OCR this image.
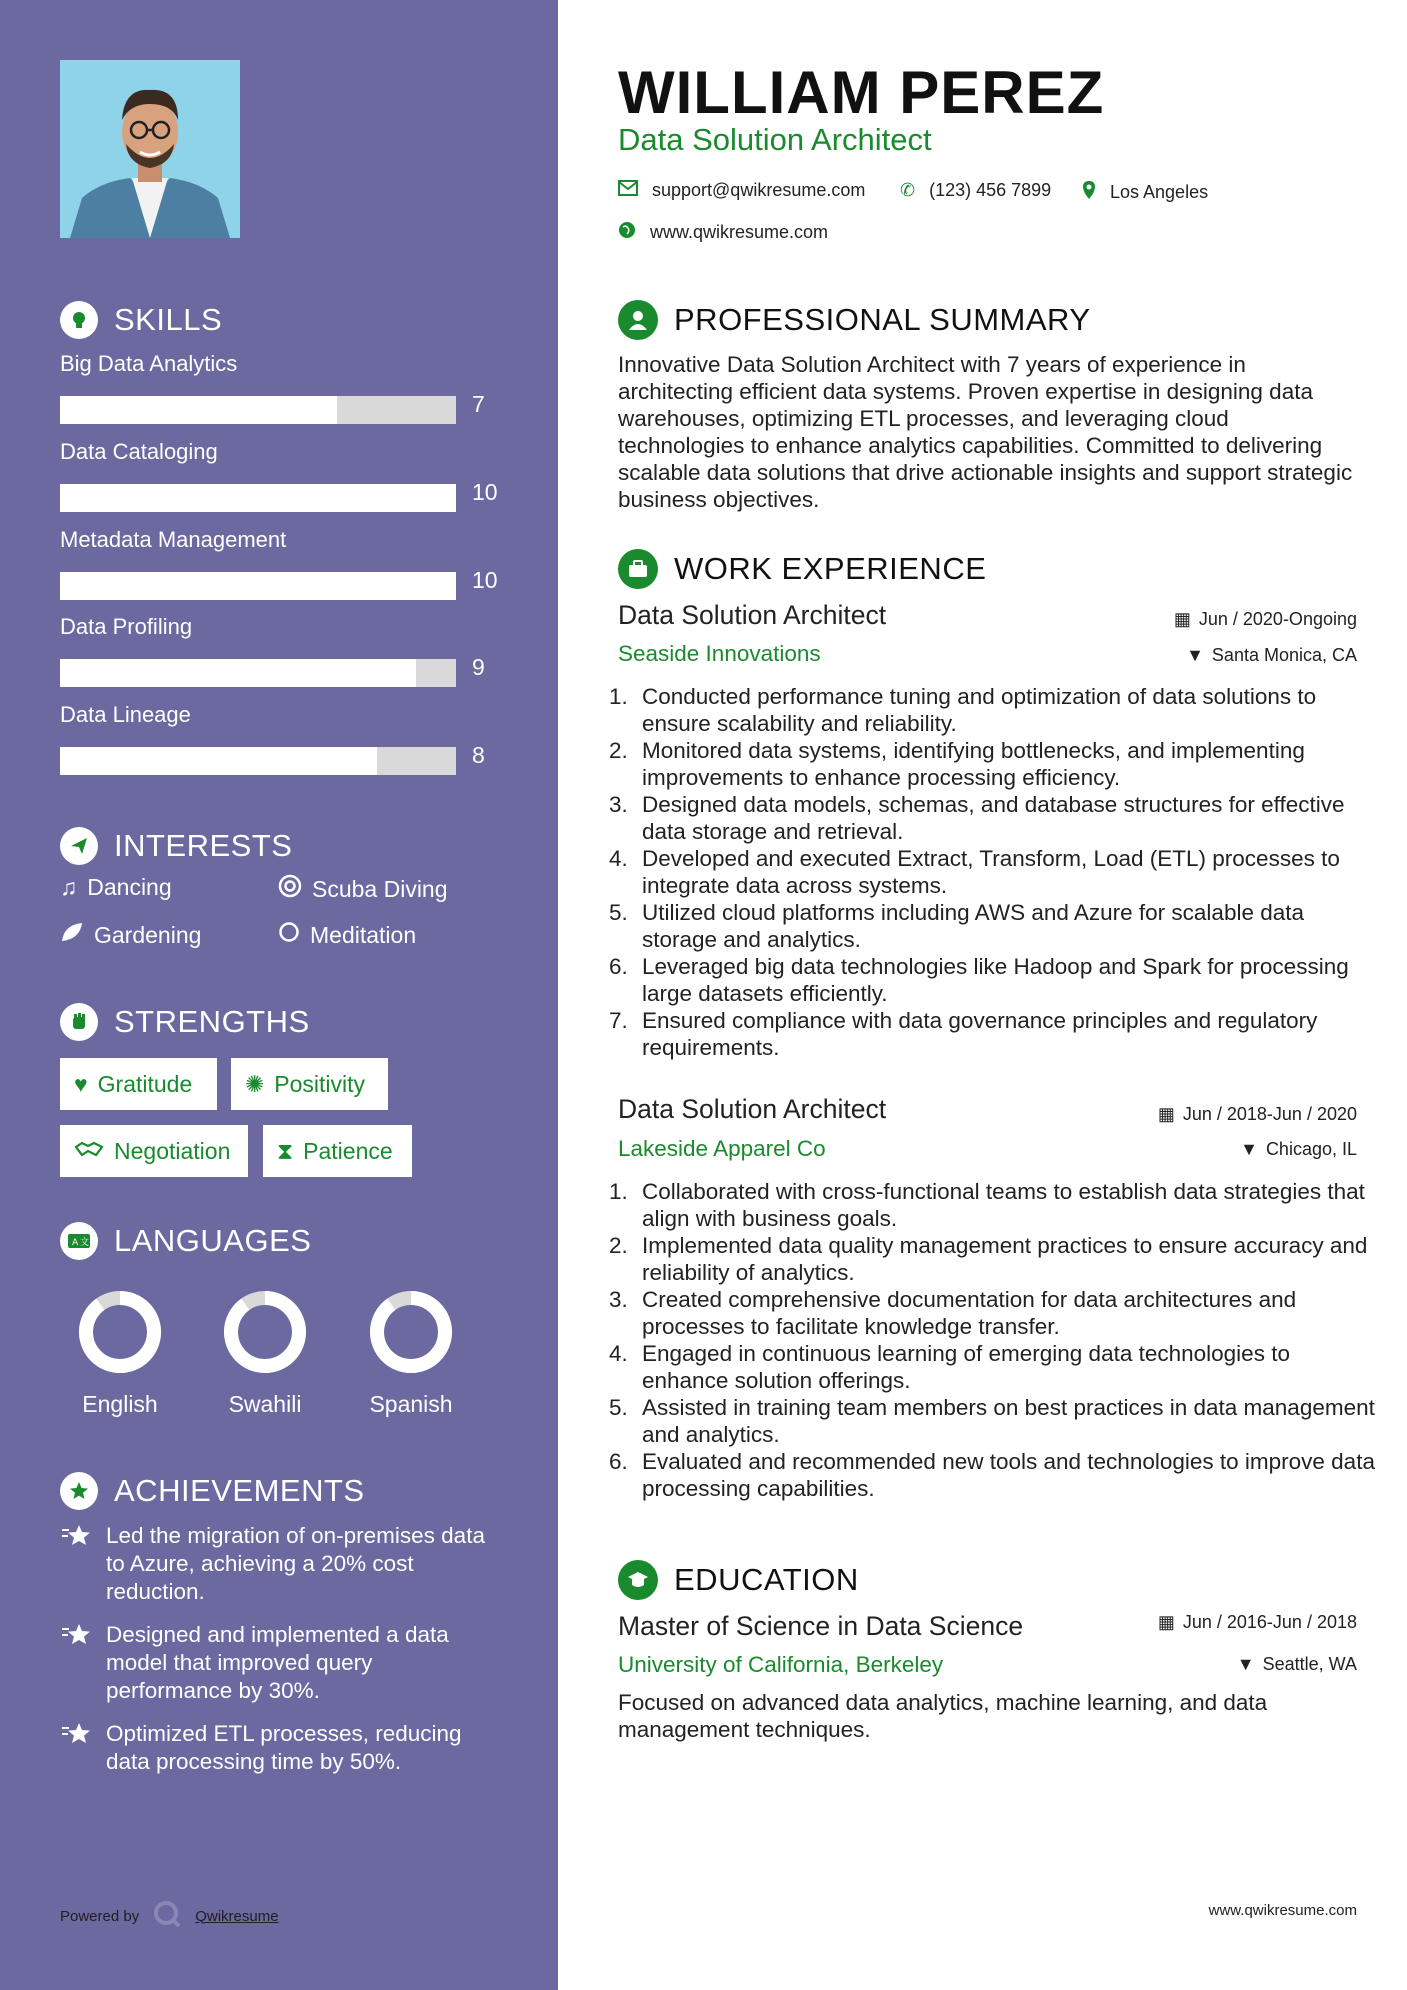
SKILLS
Big Data Analytics
7
Data Cataloging
10
Metadata Management
10
Data Profiling
9
Data Lineage
8
INTERESTS
♫ Dancing	Scuba Diving
Gardening	Meditation
STRENGTHS
♥ Gratitude ✺ Positivity
Negotiation ⧗ Patience
A 文 LANGUAGES
English	Swahili	Spanish
ACHIEVEMENTS
Led the migration of on-premises data to Azure, achieving a 20% cost reduction.
Designed and implemented a data model that improved query performance by 30%.
Optimized ETL processes, reducing data processing time by 50%.
Powered by	Qwikresume
WILLIAM PEREZ
Data Solution Architect
support@qwikresume.com ✆ (123) 456 7899	Los Angeles
www.qwikresume.com
PROFESSIONAL SUMMARY
Innovative Data Solution Architect with 7 years of experience in architecting efficient data systems. Proven expertise in designing data warehouses, optimizing ETL processes, and leveraging cloud technologies to enhance analytics capabilities. Committed to delivering scalable data solutions that drive actionable insights and support strategic business objectives.
WORK EXPERIENCE
Data Solution Architect	▦ Jun / 2020-Ongoing
Seaside Innovations	▼ Santa Monica, CA
1. Conducted performance tuning and optimization of data solutions to ensure scalability and reliability.
2. Monitored data systems, identifying bottlenecks, and implementing improvements to enhance processing efficiency.
3. Designed data models, schemas, and database structures for effective data storage and retrieval.
4. Developed and executed Extract, Transform, Load (ETL) processes to integrate data across systems.
5. Utilized cloud platforms including AWS and Azure for scalable data storage and analytics.
6. Leveraged big data technologies like Hadoop and Spark for processing large datasets efficiently.
7. Ensured compliance with data governance principles and regulatory requirements.
Data Solution Architect	▦ Jun / 2018-Jun / 2020
Lakeside Apparel Co	▼ Chicago, IL
1. Collaborated with cross-functional teams to establish data strategies that align with business goals.
2. Implemented data quality management practices to ensure accuracy and reliability of analytics.
3. Created comprehensive documentation for data architectures and processes to facilitate knowledge transfer.
4. Engaged in continuous learning of emerging data technologies to enhance solution offerings.
5. Assisted in training team members on best practices in data management and analytics.
6. Evaluated and recommended new tools and technologies to improve data processing capabilities.
EDUCATION
Master of Science in Data Science	▦ Jun / 2016-Jun / 2018
University of California, Berkeley	▼ Seattle, WA
Focused on advanced data analytics, machine learning, and data management techniques.
www.qwikresume.com
